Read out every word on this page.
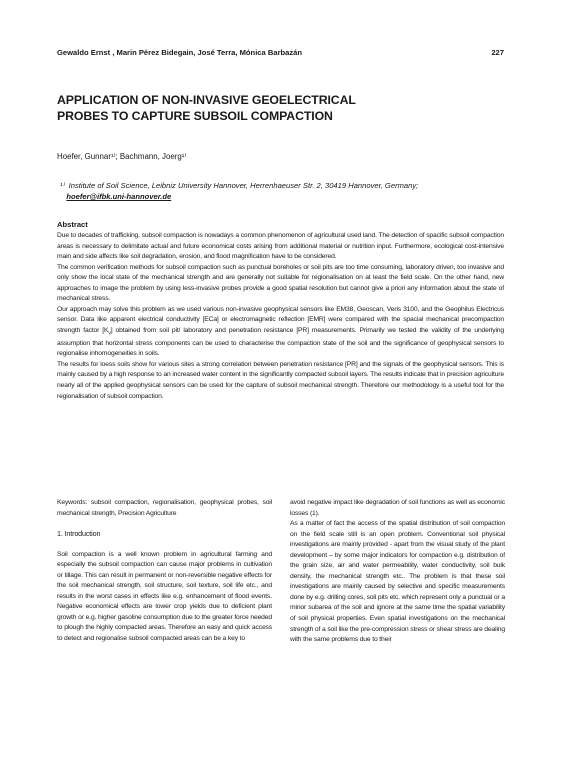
Gewaldo Ernst , Marin Pérez Bidegain, José Terra, Mónica Barbazán	227
APPLICATION OF NON-INVASIVE GEOELECTRICAL
PROBES TO CAPTURE SUBSOIL COMPACTION
Hoefer, Gunnar¹⁾; Bachmann, Joerg¹⁾
¹⁾ Institute of Soil Science, Leibniz University Hannover, Herrenhaeuser Str. 2, 30419 Hannover, Germany;
hoefer@ifbk.uni-hannover.de
Abstract

Due to decades of trafficking, subsoil compaction is nowadays a common phenomenon of agricultural used land. The detection of spacific subsoil compaction areas is necessary to delimitate actual and future economical costs arising from additional material or nutrition input. Furthermore, ecological cost-intensive main and side affects like soil degradation, erosion, and flood magnification have to be considered.

The common verification methods for subsoil compaction such as punctual boreholes or soil pits are too time consuming, laboratory driven, too invasive and only show the local state of the mechanical strength and are generally not suitable for regionalisation on at least the field scale. On the other hand, new approaches to image the problem by using less-invasive probes provide a good spatial resolution but cannot give a priori any information about the state of mechanical stress.

Our approach may solve this problem as we used various non-invasive geophysical sensors like EM38, Geoscan, Veris 3100, and the Geophilus Electricus sensor. Data like apparent electrical conductivity [ECa] or electromagnetic reflection [EMR] were compared with the spacial mechanical precompaction strength factor $[K_v]$ obtained from soil pit/ laboratory and penetration resistance [PR] measurements. Primarily we tested the validity of the underlying assumption that horizontal stress components can be used to characterise the compaction state of the soil and the significance of geophysical sensors to regionalise inhomogeneities in soils.

The results for loess soils show for various sites a strong correlation between penetration resistance [PR] and the signals of the geophysical sensors. This is mainly caused by a high response to an increased water content in the significantly compacted subsoil layers. The results indicate that in precision agriculture nearly all of the applied geophysical sensors can be used for the capture of subsoil mechanical strength. Therefore our methodology is a useful tool for the regionalisation of subsoil compaction.

Keywords: subsoil compaction, regionalisation, geophysical probes, soil mechanical strength, Precision Agriculture

1. Introduction

Soil compaction is a well known problem in agricultural farming and especially the subsoil compaction can cause major problems in cultivation or tillage. This can result in permanent or non-reversible negative effects for the soil mechanical strength, soil structure, soil texture, soil life etc., and results in the worst cases in effects like e.g. enhancement of flood events. Negative economical effects are lower crop yields due to deficient plant growth or e.g. higher gasoline consumption due to the greater force needed to plough the highly compacted areas. Therefore an easy and quick access to detect and regionalise subsoil compacted areas can be a key to

avoid negative impact like degradation of soil functions as well as economic losses (1).

As a matter of fact the access of the spatial distribution of soil compaction on the field scale still is an open problem. Conventional soil physical investigations are mainly provided - apart from the visual study of the plant development – by some major indicators for compaction e.g. distribution of the grain size, air and water permeability, water conductivity, soil bulk density, the mechanical strength etc.. The problem is that these soil investigations are mainly caused by selective and specific measurements done by e.g. drilling cores, soil pits etc. which represent only a punctual or a minor subarea of the soil and ignore at the same time the spatial variability of soil physical properties. Even spatial investigations on the mechanical strength of a soil like the pre-compression stress or shear stress are dealing with the same problems due to their
